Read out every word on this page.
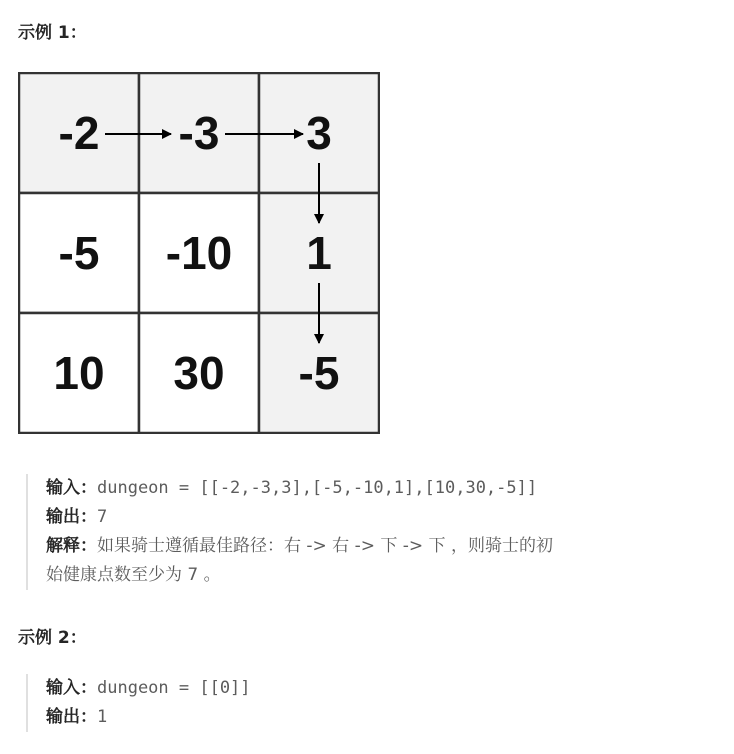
示例 1：
-2 -3 3
-5 -10 1
10 30 -5
输入：dungeon = [[-2,-3,3],[-5,-10,1],[10,30,-5]]
输出：7
解释：如果骑士遵循最佳路径：右 -> 右 -> 下 -> 下 ，则骑士的初
始健康点数至少为 7 。
示例 2：
输入：dungeon = [[0]]
输出：1
